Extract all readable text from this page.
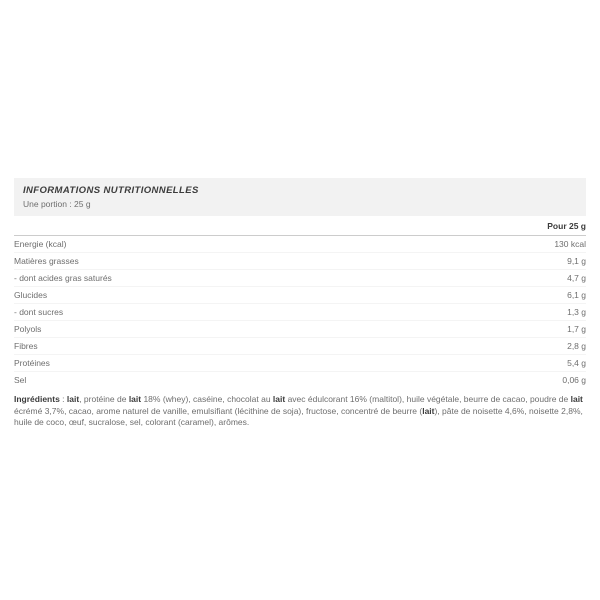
INFORMATIONS NUTRITIONNELLES
Une portion : 25 g
Pour 25 g
Energie (kcal)	130 kcal
Matières grasses	9,1 g
- dont acides gras saturés	4,7 g
Glucides	6,1 g
- dont sucres	1,3 g
Polyols	1,7 g
Fibres	2,8 g
Protéines	5,4 g
Sel	0,06 g

Ingrédients : lait, protéine de lait 18% (whey), caséine, chocolat au lait avec édulcorant 16% (maltitol), huile végétale, beurre de cacao, poudre de lait écrémé 3,7%, cacao, arome naturel de vanille, emulsifiant (lécithine de soja), fructose, concentré de beurre (lait), pâte de noisette 4,6%, noisette 2,8%, huile de coco, œuf, sucralose, sel, colorant (caramel), arômes.
